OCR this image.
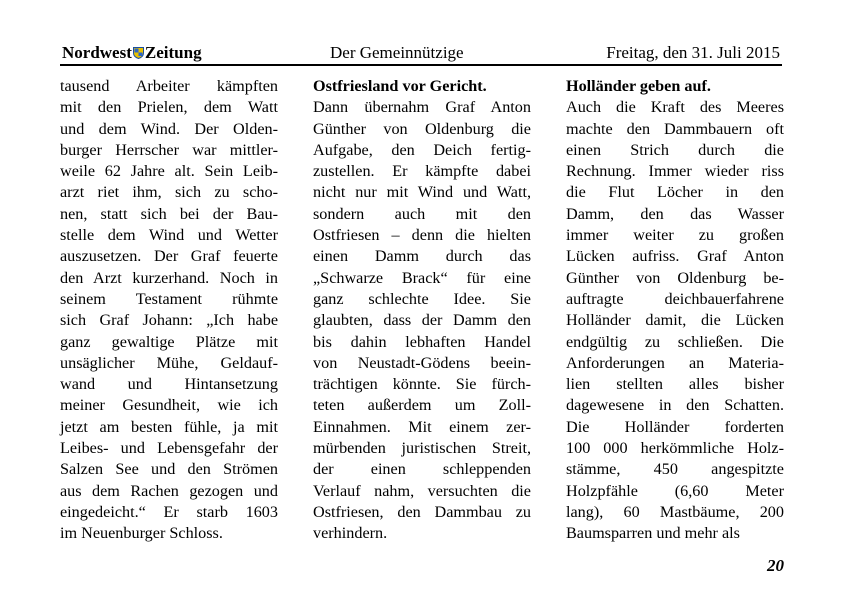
Nordwest Zeitung	Der Gemeinnützige	Freitag, den 31. Juli 2015
tausend Arbeiter kämpften
mit den Prielen, dem Watt
und dem Wind. Der Olden-
burger Herrscher war mittler-
weile 62 Jahre alt. Sein Leib-
arzt riet ihm, sich zu scho-
nen, statt sich bei der Bau-
stelle dem Wind und Wetter
auszusetzen. Der Graf feuerte
den Arzt kurzerhand. Noch in
seinem Testament rühmte
sich Graf Johann: „Ich habe
ganz gewaltige Plätze mit
unsäglicher Mühe, Geldauf-
wand und Hintansetzung
meiner Gesundheit, wie ich
jetzt am besten fühle, ja mit
Leibes- und Lebensgefahr der
Salzen See und den Strömen
aus dem Rachen gezogen und
eingedeicht.“ Er starb 1603
im Neuenburger Schloss.
Ostfriesland vor Gericht.
Dann übernahm Graf Anton
Günther von Oldenburg die
Aufgabe, den Deich fertig-
zustellen. Er kämpfte dabei
nicht nur mit Wind und Watt,
sondern auch mit den
Ostfriesen – denn die hielten
einen Damm durch das
„Schwarze Brack“ für eine
ganz schlechte Idee. Sie
glaubten, dass der Damm den
bis dahin lebhaften Handel
von Neustadt-Gödens beein-
trächtigen könnte. Sie fürch-
teten außerdem um Zoll-
Einnahmen. Mit einem zer-
mürbenden juristischen Streit,
der einen schleppenden
Verlauf nahm, versuchten die
Ostfriesen, den Dammbau zu
verhindern.
Holländer geben auf.
Auch die Kraft des Meeres
machte den Dammbauern oft
einen Strich durch die
Rechnung. Immer wieder riss
die Flut Löcher in den
Damm, den das Wasser
immer weiter zu großen
Lücken aufriss. Graf Anton
Günther von Oldenburg be-
auftragte deichbauerfahrene
Holländer damit, die Lücken
endgültig zu schließen. Die
Anforderungen an Materia-
lien stellten alles bisher
dagewesene in den Schatten.
Die Holländer forderten
100 000 herkömmliche Holz-
stämme, 450 angespitzte
Holzpfähle (6,60 Meter
lang), 60 Mastbäume, 200
Baumsparren und mehr als
20
